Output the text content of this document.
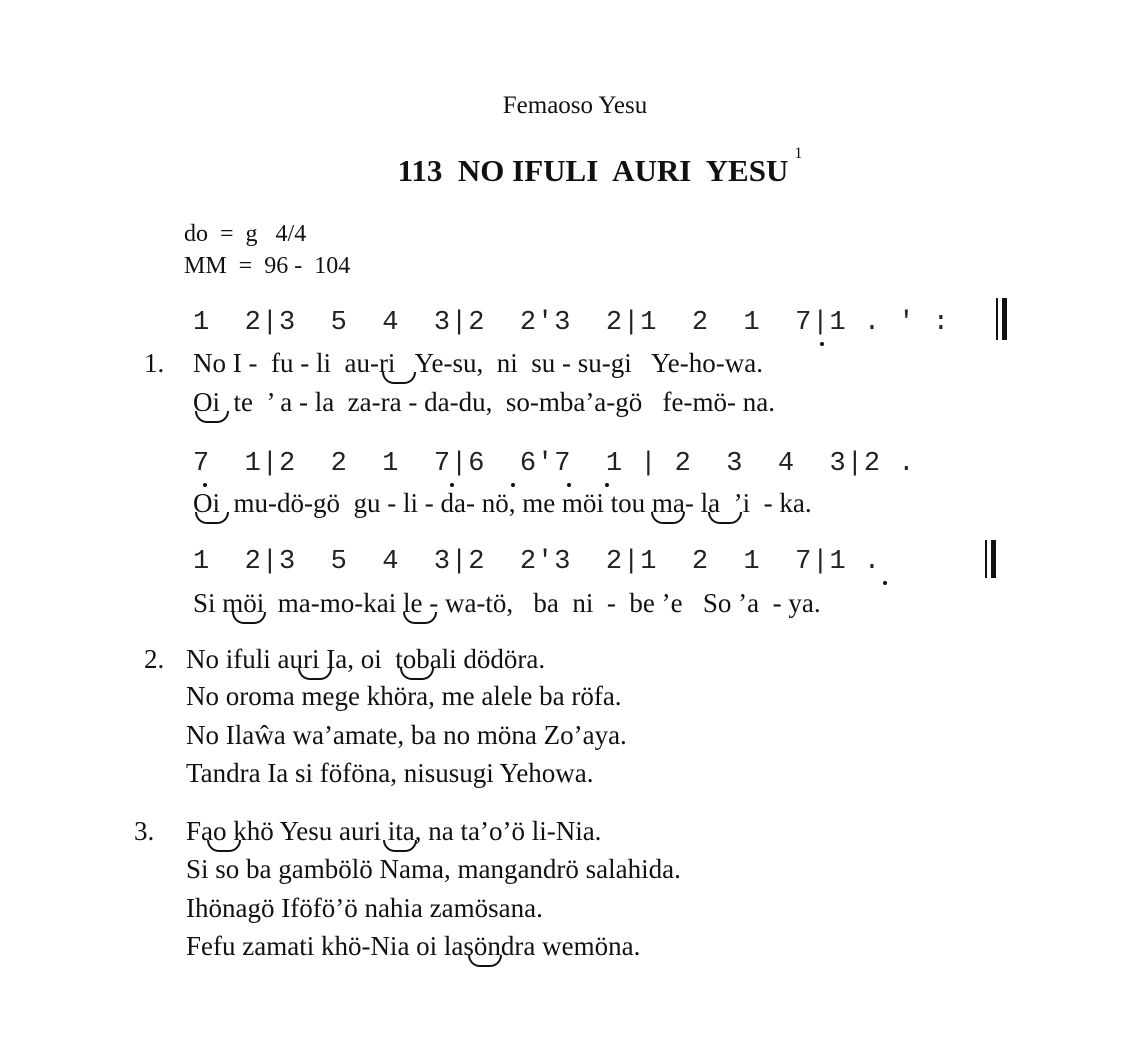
Femaoso Yesu
113  NO IFULI  AURI  YESU $^1$
do  =  g   4/4
MM  =  96 -  104
1  2|3  5  4  3|2  2'3  2|1  2  1  7|1 . ' :
1. No I -  fu - li  au-ri   Ye-su,  ni  su - su-gi   Ye-ho-wa.
Oi  te  ’ a - la  za-ra - da-du,  so-mba’a-gö   fe-mö- na.
7  1|2  2  1  7|6  6'7  1 | 2  3  4  3|2 .
Oi  mu-dö-gö  gu - li - da- nö, me möi tou ma- la  ’i  - ka.
1  2|3  5  4  3|2  2'3  2|1  2  1  7|1 .
Si möi  ma-mo-kai le - wa-tö,   ba  ni  -  be ’e   So ’a  - ya.
2. No ifuli auri Ia, oi  tobali dödöra.
No oroma mege khöra, me alele ba röfa.
No Ilaŵa wa’amate, ba no möna Zo’aya.
Tandra Ia si föföna, nisusugi Yehowa.
3. Fao khö Yesu auri ita, na ta’o’ö li-Nia.
Si so ba gambölö Nama, mangandrö salahida.
Ihönagö Iföfö’ö nahia zamösana.
Fefu zamati khö-Nia oi lasöndra wemöna.
